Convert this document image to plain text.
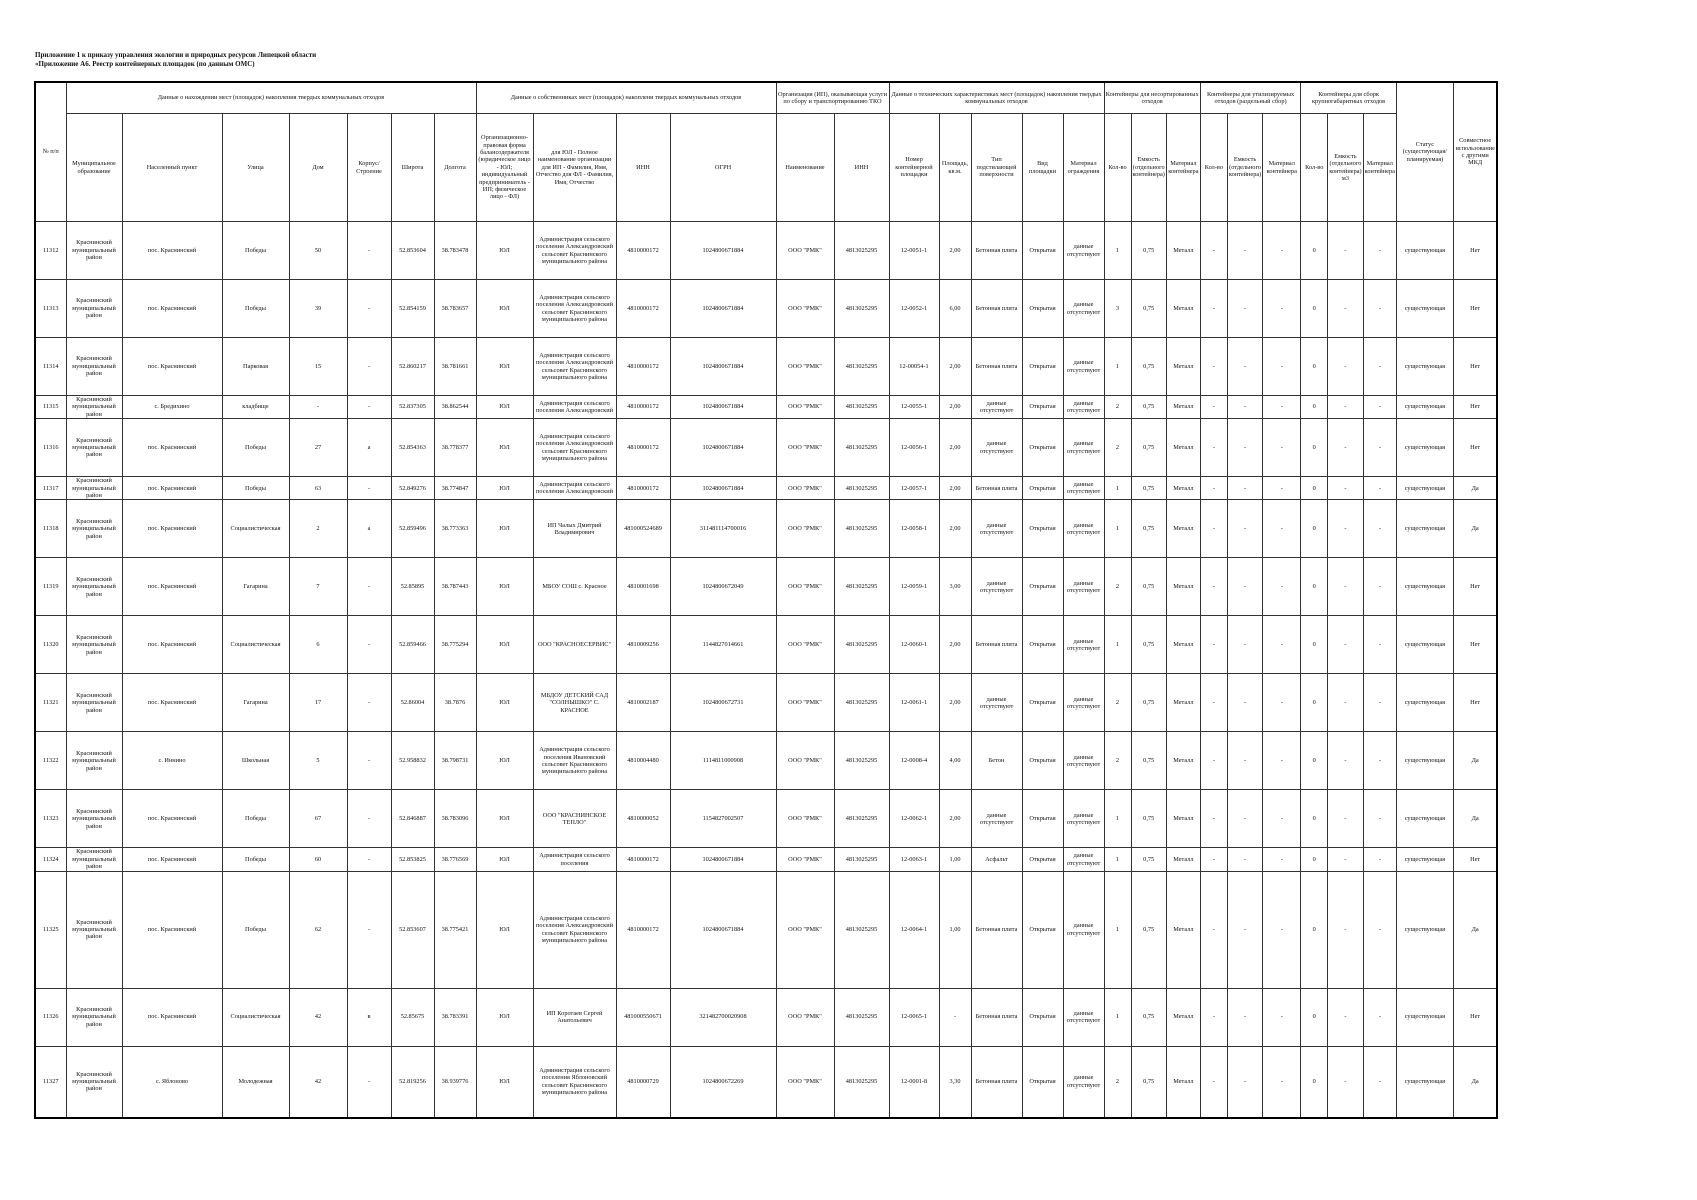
Приложение 1 к приказу управления экологии и природных ресурсов Липецкой области
«Приложение А6. Реестр контейнерных площадок (по данным ОМС)
№ п/п	Данные о нахождении мест (площадок) накопления твердых коммунальных отходов							Данные о собственниках мест (площадок) накоплени твердых коммунальных отходов				Организация (ИП), оказывающая услуги по сбору и транспортированию ТКО		Данные о технических характеристиках мест (площадок) накопления твердых коммунальных отходов					Контейнеры для несортированных отходов			Контейнеры для утилизируемых отходов (раздельный сбор)			Контейнеры для сборк крупногабаритных отходов			Статус (существующая/ планируемая)	Совместное использование с другими МКД
	Муниципальное образование	Населенный пункт	Улица	Дом	Корпус/Строение	Широта	Долгота	Организационно-правовая форма балансодержателя (юридическое лицо - ЮЛ; индивидуальный предприниматель - ИП; физическое лицо - ФЛ)	для ЮЛ - Полное наименование организации для ИП - Фамилия, Имя, Отчество для ФЛ - Фамилия, Имя, Отчество	ИНН	ОГРН	Наименование	ИНН	Номер контейнерной площадки	Площадь, кв.м.	Тип подстилающей поверхности	Вид площадки	Материал ограждения	Кол-во	Емкость (отдельного контейнера)	Материал контейнера	Кол-во	Емкость (отдельного контейнера)	Материал контейнера	Кол-во	Емкость (отдельного контейнера) м3	Материал контейнера		
11312	Краснинский муниципальный район	пос. Краснинский	Победы	50	-	52.853604	38.783478	ЮЛ	Администрация сельского поселения Александровский сельсовет Краснинского муниципального района	4810000172	1024800671884	ООО "РМК"	4813025295	12-0051-1	2,00	Бетонная плита	Открытая	данные отсутствуют	1	0,75	Металл	-	-	-	0	-	-	существующая	Нет
11313	Краснинский муниципальный район	пос. Краснинский	Победы	39	-	52.854159	38.783657	ЮЛ	Администрация сельского поселения Александровский сельсовет Краснинского муниципального района	4810000172	1024800671884	ООО "РМК"	4813025295	12-0052-1	6,00	Бетонная плита	Открытая	данные отсутствуют	3	0,75	Металл	-	-	-	0	-	-	существующая	Нет
11314	Краснинский муниципальный район	пос. Краснинский	Парковая	15	-	52.860217	38.781661	ЮЛ	Администрация сельского поселения Александровский сельсовет Краснинского муниципального района	4810000172	1024800671884	ООО "РМК"	4813025295	12-00054-1	2,00	Бетонная плита	Открытая	данные отсутствуют	1	0,75	Металл	-	-	-	0	-	-	существующая	Нет
11315	Краснинский муниципальный район	с. Бредихино	кладбище	-	-	52.837305	38.862544	ЮЛ	Администрация сельского поселения Александровский	4810000172	1024800671884	ООО "РМК"	4813025295	12-0055-1	2,00	данные отсутствуют	Открытая	данные отсутствуют	2	0,75	Металл	-	-	-	0	-	-	существующая	Нет
11316	Краснинский муниципальный район	пос. Краснинский	Победы	27	а	52.854363	38.778377	ЮЛ	Администрация сельского поселения Александровский сельсовет Краснинского муниципального района	4810000172	1024800671884	ООО "РМК"	4813025295	12-0056-1	2,00	данные отсутствуют	Открытая	данные отсутствуют	2	0,75	Металл	-	-	-	0	-	-	существующая	Нет
11317	Краснинский муниципальный район	пос. Краснинский	Победы	63	-	52.849276	38.774847	ЮЛ	Администрация сельского поселения Александровский	4810000172	1024800671884	ООО "РМК"	4813025295	12-0057-1	2,00	Бетонная плита	Открытая	данные отсутствуют	1	0,75	Металл	-	-	-	0	-	-	существующая	Да
11318	Краснинский муниципальный район	пос. Краснинский	Социалистическая	2	а	52.859496	38.773363	ЮЛ	ИП Чалых Дмитрий Владимирович	481000524689	311481114700016	ООО "РМК"	4813025295	12-0058-1	2,00	данные отсутствуют	Открытая	данные отсутствуют	1	0,75	Металл	-	-	-	0	-	-	существующая	Да
11319	Краснинский муниципальный район	пос. Краснинский	Гагарина	7	-	52.85895	38.787443	ЮЛ	МБОУ СОШ с. Красное	4810001698	1024800672049	ООО "РМК"	4813025295	12-0059-1	3,00	данные отсутствуют	Открытая	данные отсутствуют	2	0,75	Металл	-	-	-	0	-	-	существующая	Нет
11320	Краснинский муниципальный район	пос. Краснинский	Социалистическая	6	-	52.859466	38.775294	ЮЛ	ООО "КРАСНОЕСЕРВИС"	4810009256	1144827014661	ООО "РМК"	4813025295	12-0060-1	2,00	Бетонная плита	Открытая	данные отсутствуют	1	0,75	Металл	-	-	-	0	-	-	существующая	Нет
11321	Краснинский муниципальный район	пос. Краснинский	Гагарина	17	-	52.86004	38.7876	ЮЛ	МБДОУ ДЕТСКИЙ САД "СОЛНЫШКО" С. КРАСНОЕ	4810002187	1024800672731	ООО "РМК"	4813025295	12-0061-1	2,00	данные отсутствуют	Открытая	данные отсутствуют	2	0,75	Металл	-	-	-	0	-	-	существующая	Нет
11322	Краснинский муниципальный район	с. Иннино	Школьная	5	-	52.958832	38.798731	ЮЛ	Администрация сельского поселения Ивановский сельсовет Краснинского муниципального района	4810004480	1114811000908	ООО "РМК"	4813025295	12-0008-4	4,00	Бетон	Открытая	данные отсутствуют	2	0,75	Металл	-	-	-	0	-	-	существующая	Да
11323	Краснинский муниципальный район	пос. Краснинский	Победы	67	-	52.846887	38.783096	ЮЛ	ООО "КРАСНИНСКОЕ ТЕПЛО"	4810000052	1154827002507	ООО "РМК"	4813025295	12-0062-1	2,00	данные отсутствуют	Открытая	данные отсутствуют	1	0,75	Металл	-	-	-	0	-	-	существующая	Да
11324	Краснинский муниципальный район	пос. Краснинский	Победы	60	-	52.853825	38.776569	ЮЛ	Администрация сельского поселения	4810000172	1024800671884	ООО "РМК"	4813025295	12-0063-1	1,00	Асфальт	Открытая	данные отсутствуют	1	0,75	Металл	-	-	-	0	-	-	существующая	Нет
11325	Краснинский муниципальный район	пос. Краснинский	Победы	62	-	52.853607	38.775421	ЮЛ	Администрация сельского поселения Александровский сельсовет Краснинского муниципального района	4810000172	1024800671884	ООО "РМК"	4813025295	12-0064-1	1,00	Бетонная плита	Открытая	данные отсутствуют	1	0,75	Металл	-	-	-	0	-	-	существующая	Да
11326	Краснинский муниципальный район	пос. Краснинский	Социалистическая	42	в	52.85675	38.783391	ЮЛ	ИП Коротаев Сергей Анатольевич	481000550671	321482700020908	ООО "РМК"	4813025295	12-0065-1	-	Бетонная плита	Открытая	данные отсутствуют	1	0,75	Металл	-	-	-	0	-	-	существующая	Нет
11327	Краснинский муниципальный район	с. Яблоново	Молодежная	42	-	52.819256	38.939776	ЮЛ	Администрация сельского поселения Яблоновский сельсовет Краснинского муниципального района	4810000729	1024800672269	ООО "РМК"	4813025295	12-0001-8	3,30	Бетонная плита	Открытая	данные отсутствуют	2	0,75	Металл	-	-	-	0	-	-	существующая	Да
